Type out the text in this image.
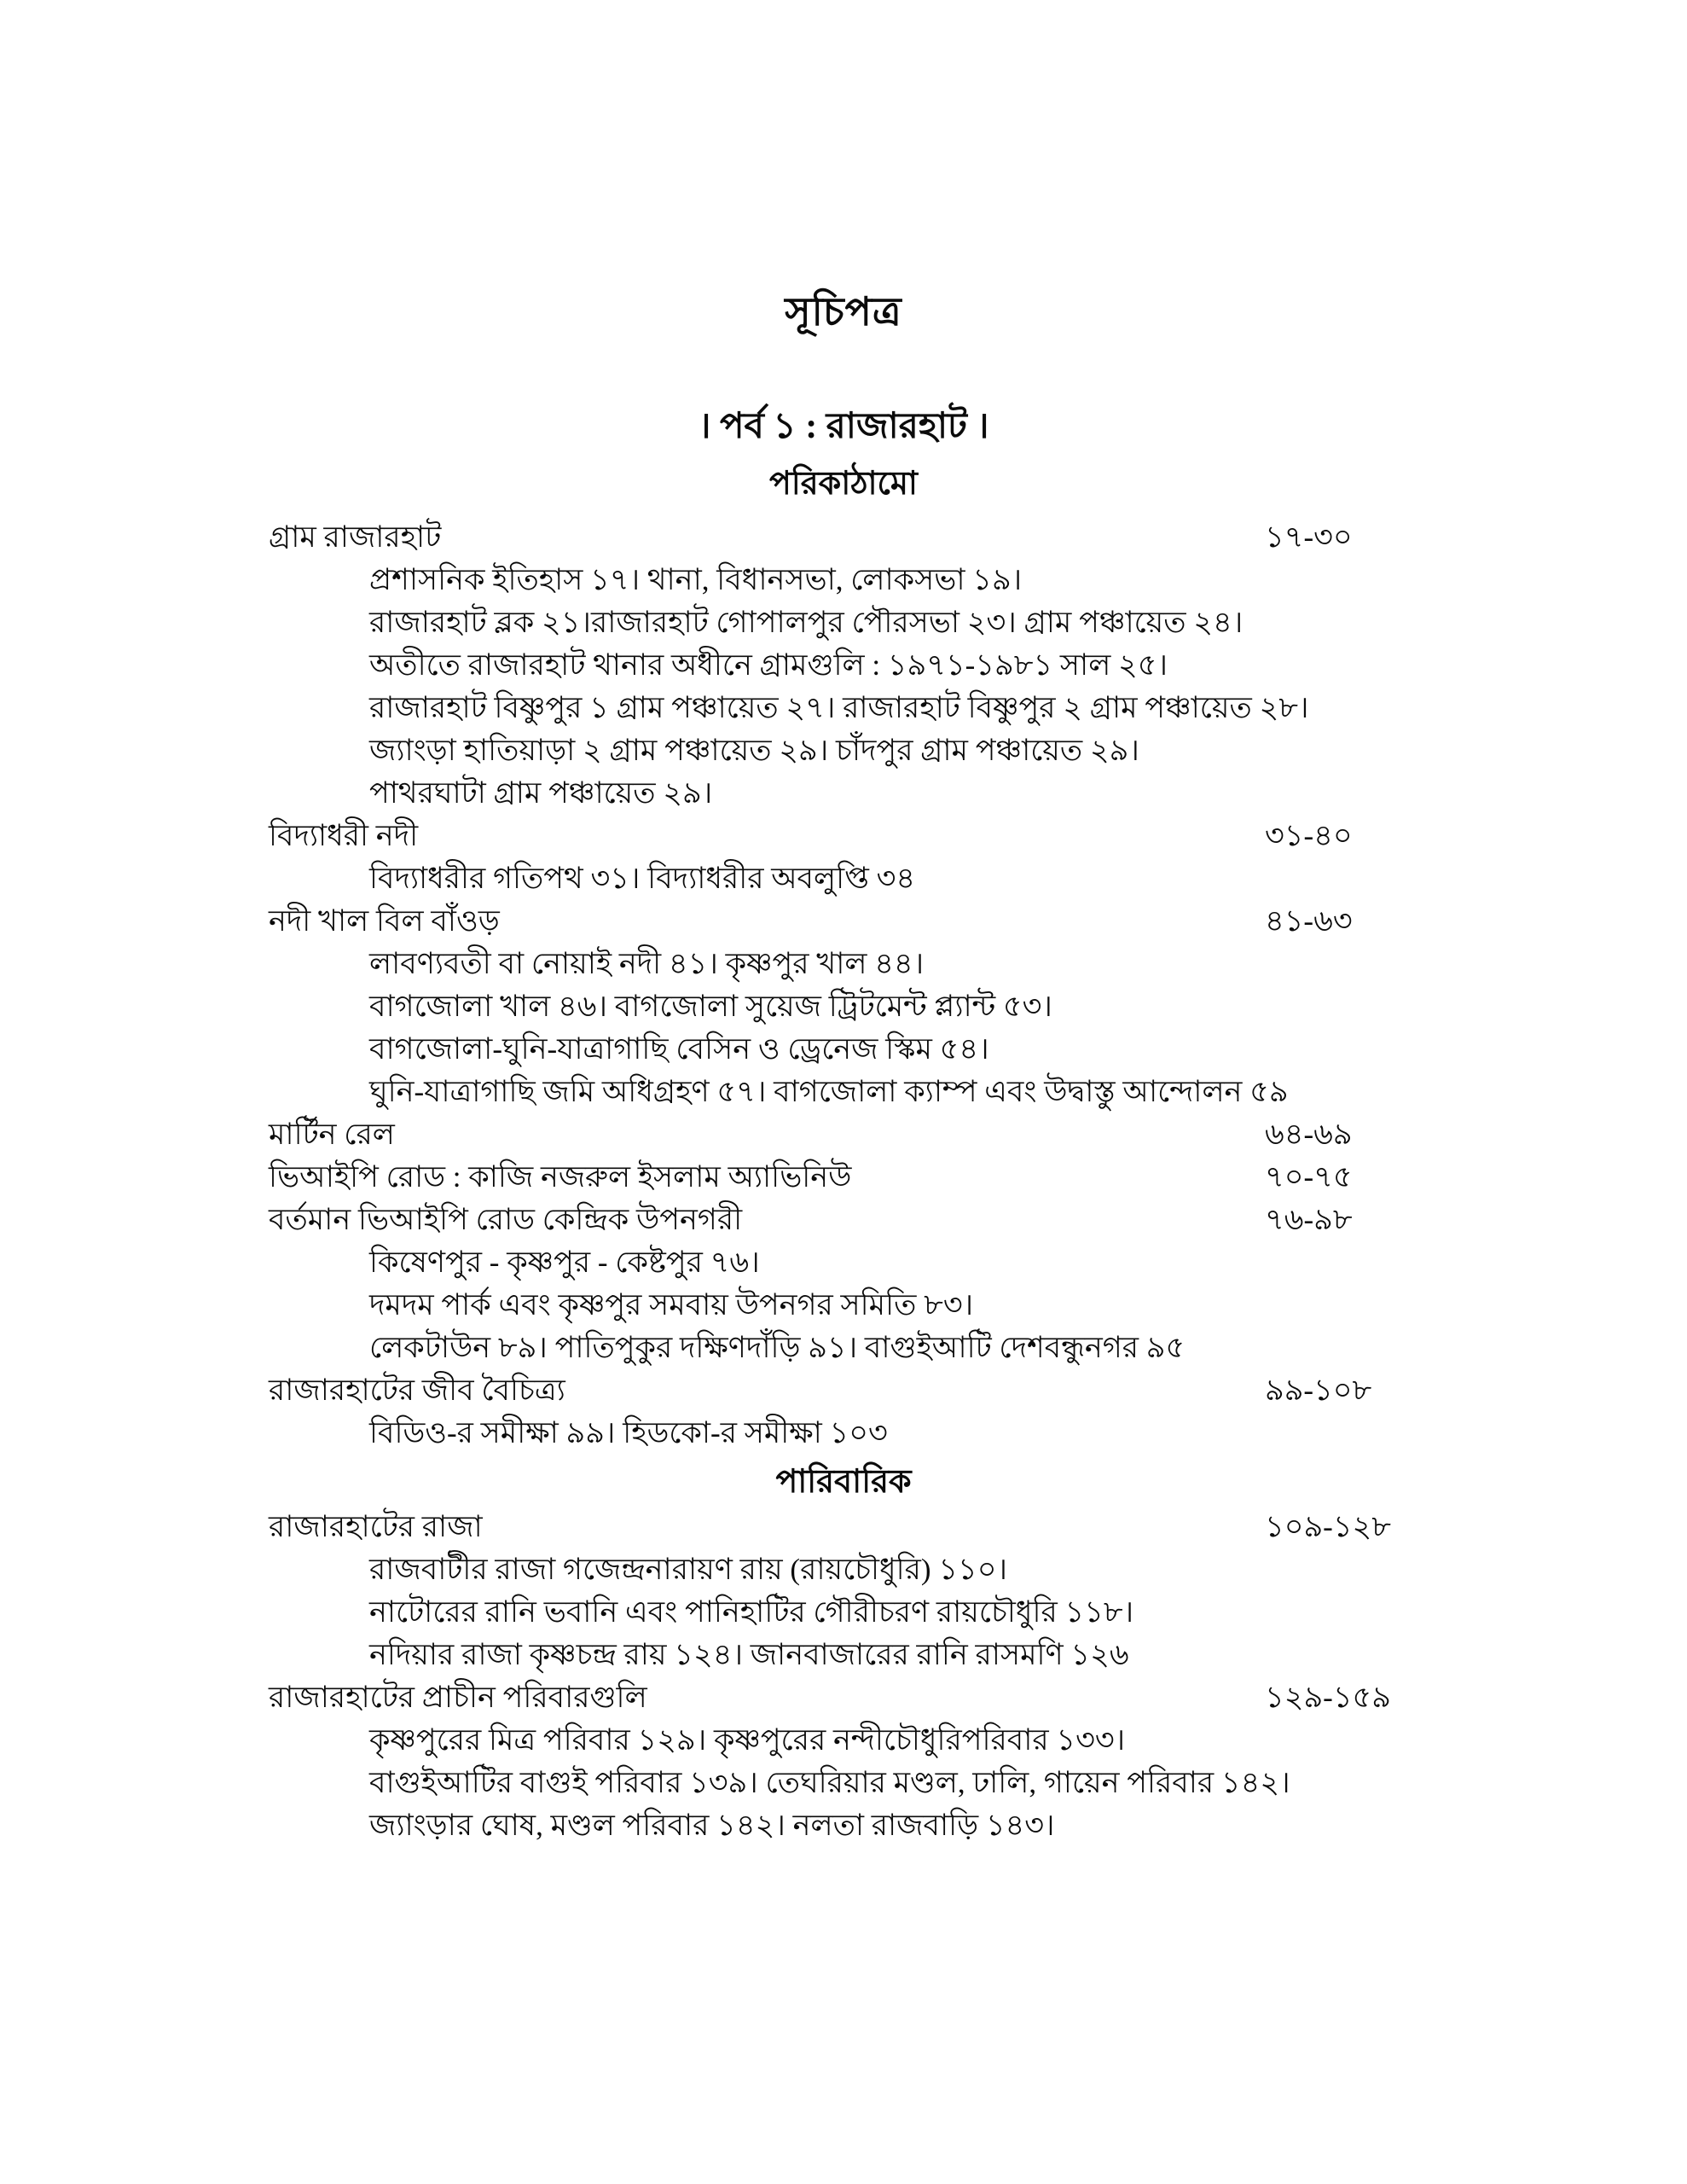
সূচিপত্র
। পর্ব ১ : রাজারহাট ।
পরিকাঠামো
গ্রাম রাজারহাট	১৭-৩০
প্রশাসনিক ইতিহাস ১৭। থানা, বিধানসভা, লোকসভা ১৯।
রাজারহাট ব্লক ২১।রাজারহাট গোপালপুর পৌরসভা ২৩। গ্রাম পঞ্চায়েত ২৪।
অতীতে রাজারহাট থানার অধীনে গ্রামগুলি : ১৯৭১-১৯৮১ সাল ২৫।
রাজারহাট বিষ্ণুপুর ১ গ্রাম পঞ্চায়েত ২৭। রাজারহাট বিষ্ণুপুর ২ গ্রাম পঞ্চায়েত ২৮।
জ্যাংড়া হাতিয়াড়া ২ গ্রাম পঞ্চায়েত ২৯। চাঁদপুর গ্রাম পঞ্চায়েত ২৯।
পাথরঘাটা গ্রাম পঞ্চায়েত ২৯।
বিদ্যাধরী নদী	৩১-৪০
বিদ্যাধরীর গতিপথ ৩১। বিদ্যাধরীর অবলুপ্তি ৩৪
নদী খাল বিল বাঁওড়	৪১-৬৩
লাবণ্যবতী বা নোয়াই নদী ৪১। কৃষ্ণপুর খাল ৪৪।
বাগজোলা খাল ৪৬। বাগজোলা সুয়েজ ট্রিটমেন্ট প্ল্যান্ট ৫৩।
বাগজোলা-ঘুনি-যাত্রাগাছি বেসিন ও ড্রেনেজ স্কিম ৫৪।
ঘুনি-যাত্রাগাছি জমি অধিগ্রহণ ৫৭। বাগজোলা ক্যাম্প এবং উদ্বাস্তু আন্দোলন ৫৯
মার্টিন রেল	৬৪-৬৯
ভিআইপি রোড : কাজি নজরুল ইসলাম অ্যাভিনিউ	৭০-৭৫
বর্তমান ভিআইপি রোড কেন্দ্রিক উপনগরী	৭৬-৯৮
কিষেণপুর - কৃষ্ণপুর - কেষ্টপুর ৭৬।
দমদম পার্ক এবং কৃষ্ণপুর সমবায় উপনগর সমিতি ৮৩।
লেকটাউন ৮৯। পাতিপুকুর দক্ষিণদাঁড়ি ৯১। বাগুইআটি দেশবন্ধুনগর ৯৫
রাজারহাটের জীব বৈচিত্র্য	৯৯-১০৮
বিডিও-র সমীক্ষা ৯৯। হিডকো-র সমীক্ষা ১০৩
পারিবারিক
রাজারহাটের রাজা	১০৯-১২৮
রাজবাটীর রাজা গজেন্দ্রনারায়ণ রায় (রায়চৌধুরি) ১১০।
নাটোরের রানি ভবানি এবং পানিহাটির গৌরীচরণ রায়চৌধুরি ১১৮।
নদিয়ার রাজা কৃষ্ণচন্দ্র রায় ১২৪। জানবাজারের রানি রাসমণি ১২৬
রাজারহাটের প্রাচীন পরিবারগুলি	১২৯-১৫৯
কৃষ্ণপুরের মিত্র পরিবার ১২৯। কৃষ্ণপুরের নন্দীচৌধুরিপরিবার ১৩৩।
বাগুইআটির বাগুই পরিবার ১৩৯। তেঘরিয়ার মণ্ডল, ঢালি, গায়েন পরিবার ১৪২।
জ্যাংড়ার ঘোষ, মণ্ডল পরিবার ১৪২। নলতা রাজবাড়ি ১৪৩।
